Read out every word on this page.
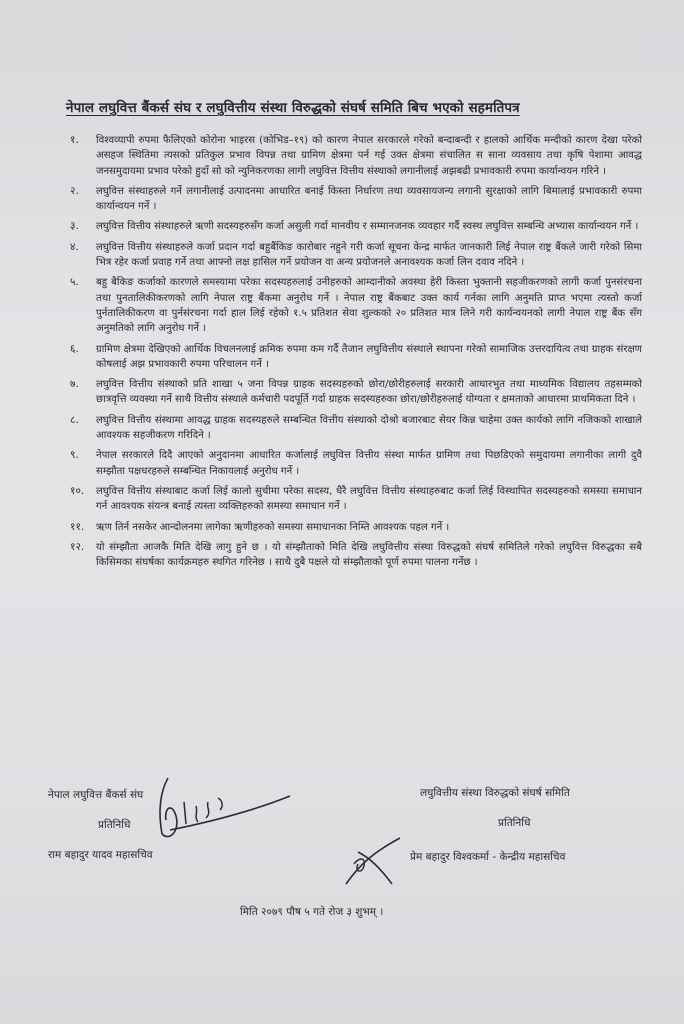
नेपाल लघुवित्त बैंकर्स संघ र लघुवित्तीय संस्था विरुद्धको संघर्ष समिति बिच भएको सहमतिपत्र
१.	विश्वव्यापी रुपमा फैलिएको कोरोना भाइरस (कोभिड–१९) को कारण नेपाल सरकारले गरेको बन्दाबन्दी र हालको आर्थिक मन्दीको कारण देखा परेको असहज स्थितिमा त्यसको प्रतिकुल प्रभाव विपन्न तथा ग्रामिण क्षेत्रमा पर्न गई उक्त क्षेत्रमा संचालित स साना व्यवसाय तथा कृषि पेशामा आवद्ध जनसमुदायमा प्रभाव परेको हुदाँ सो को न्युनिकरणका लागी लघुवित्त वित्तीय संस्थाको लगानीलाई अझबढी प्रभावकारी रुपमा कार्यान्वयन गरिने ।
२.	लघुवित्त संस्थाहरुले गर्ने लगानीलाई उत्पादनमा आधारित बनाई किस्ता निर्धारण तथा व्यवसायजन्य लगानी सुरक्षाको लागि बिमालाई प्रभावकारी रुपमा कार्यान्वयन गर्ने ।
३.	लघुवित्त वित्तीय संस्थाहरुले ऋणी सदस्यहरुसँग कर्जा असुली गर्दा मानवीय र सम्मानजनक व्यवहार गर्दै स्वस्थ लघुवित्त सम्बन्धि अभ्यास कार्यान्वयन गर्ने ।
४.	लघुवित्त वित्तीय संस्थाहरुले कर्जा प्रदान गर्दा बहुबैंकिङ कारोबार नहुने गरी कर्जा सूचना केन्द्र मार्फत जानकारी लिई नेपाल राष्ट्र बैंकले जारी गरेको सिमा भित्र रहेर कर्जा प्रवाह गर्ने तथा आफ्नो लक्ष हासिल गर्ने प्रयोजन वा अन्य प्रयोजनले अनावश्यक कर्जा लिन दवाव नदिने ।
५.	बहु बैकिङ कर्जाको कारणले समस्यामा परेका सदस्यहरुलाई उनीहरुको आम्दानीको अवस्था हेरी किस्ता भुक्तानी सहजीकरणको लागी कर्जा पुनसंरचना तथा पुनतालिकीकरणको लागि नेपाल राष्ट्र बैंकमा अनुरोध गर्ने । नेपाल राष्ट्र बैंकबाट उक्त कार्य गर्नका लागि अनुमति प्राप्त भएमा त्यस्तो कर्जा पुर्नतालिकीकरण वा पुर्नसंरचना गर्दा हाल लिई रहेको १.५ प्रतिशत सेवा शुल्कको २० प्रतिशत मात्र लिने गरी कार्यन्वयनको लागी नेपाल राष्ट्र बैंक सँग अनुमतिको लागि अनुरोध गर्ने ।
६.	ग्रामिण क्षेत्रमा देखिएको आर्थिक विचलनलाई क्रमिक रुपमा कम गर्दै तैजान लघुवित्तीय संस्थाले स्थापना गरेको सामाजिक उत्तरदायित्व तथा ग्राहक संरक्षण कोषलाई अझ प्रभावकारी रुपमा परिचालन गर्ने ।
७.	लघुवित्त वित्तीय संस्थाको प्रति शाखा ५ जना विपन्न ग्राहक सदस्यहरुको छोरा/छोरीहरुलाई सरकारी आधारभुत तथा माध्यमिक विद्यालय तहसम्मको छात्रवृत्ति व्यवस्था गर्ने साथै वित्तीय संस्थाले कर्मचारी पदपूर्ति गर्दा ग्राहक सदस्यहरुका छोरा/छोरीहरुलाई योग्यता र क्षमताको आधारमा प्राथमिकता दिने ।
८.	लघुवित्त वित्तीय संस्थामा आवद्ध ग्राहक सदस्यहरुले सम्बन्धित वित्तीय संस्थाको दोश्रो बजारबाट सेयर किन्न चाहेमा उक्त कार्यको लागि नजिकको शाखाले आवश्यक सहजीकरण गरिदिने ।
९.	नेपाल सरकारले दिदै आएको अनुदानमा आधारित कर्जालाई लघुवित्त वित्तीय संस्था मार्फत ग्रामिण तथा पिछडिएको समुदायमा लगानीका लागी दुवै सम्झौता पक्षधरहरुले सम्बन्धित निकायलाई अनुरोध गर्ने ।
१०.	लघुवित्त वित्तीय संस्थाबाट कर्जा लिई कालो सुचीमा परेका सदस्य, धैरै लघुवित्त वित्तीय संस्थाहरुबाट कर्जा लिई विस्थापित सदस्यहरुको समस्या समाधान गर्न आवश्यक संयन्त्र बनाई त्यस्ता व्यक्तिहरुको समस्या समाधान गर्ने ।
११.	ऋण तिर्न नसकेर आन्दोलनमा लागेका ऋणीहरुको समस्या समाधानका निम्ति आवश्यक पहल गर्ने ।
१२.	यो संम्झौता आजकै मिति देखि लागु हुने छ । यो संम्झौताको मिति देखि लघुवित्तीय संस्था विरुद्धको संघर्ष समितिले गरेको लघुवित्त विरुद्धका सबै किसिमका संघर्षका कार्यक्रमहरु स्थगित गरिनेछ । साथै दुबै पक्षले यो संम्झौताको पूर्ण रुपमा पालना गर्नेछ ।
नेपाल लघुवित्त बैंकर्स संघ
प्रतिनिधि
राम बहादुर यादव महासचिव
लघुवित्तीय संस्था विरुद्धको संघर्ष समिति
प्रतिनिधि
प्रेम बहादुर विश्वकर्मा - केन्द्रीय महासचिव
मिति २०७९ पौष ५ गते रोज ३ शुभम् ।
